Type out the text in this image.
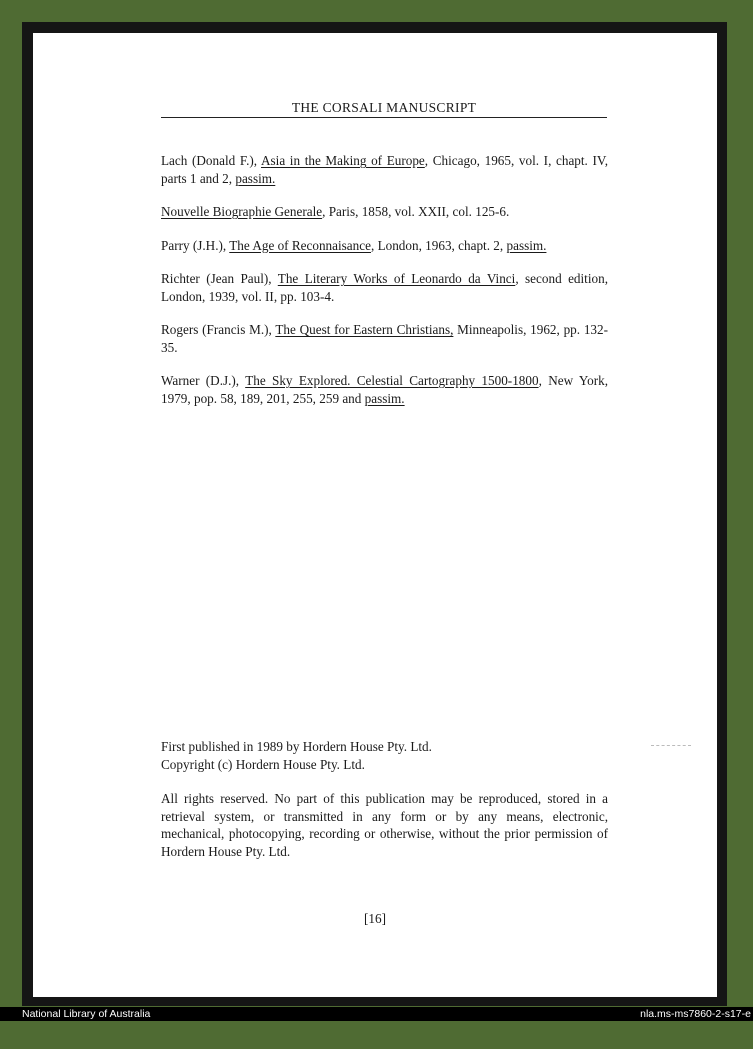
THE CORSALI MANUSCRIPT
Lach (Donald F.), Asia in the Making of Europe, Chicago, 1965, vol. I, chapt. IV, parts 1 and 2, passim.
Nouvelle Biographie Generale, Paris, 1858, vol. XXII, col. 125-6.
Parry (J.H.), The Age of Reconnaisance, London, 1963, chapt. 2, passim.
Richter (Jean Paul), The Literary Works of Leonardo da Vinci, second edition, London, 1939, vol. II, pp. 103-4.
Rogers (Francis M.), The Quest for Eastern Christians, Minneapolis, 1962, pp. 132-35.
Warner (D.J.), The Sky Explored. Celestial Cartography 1500-1800, New York, 1979, pop. 58, 189, 201, 255, 259 and passim.
First published in 1989 by Hordern House Pty. Ltd.
Copyright (c) Hordern House Pty. Ltd.
All rights reserved. No part of this publication may be reproduced, stored in a retrieval system, or transmitted in any form or by any means, electronic, mechanical, photocopying, recording or otherwise, without the prior permission of Hordern House Pty. Ltd.
[16]
National Library of Australia	nla.ms-ms7860-2-s17-e
